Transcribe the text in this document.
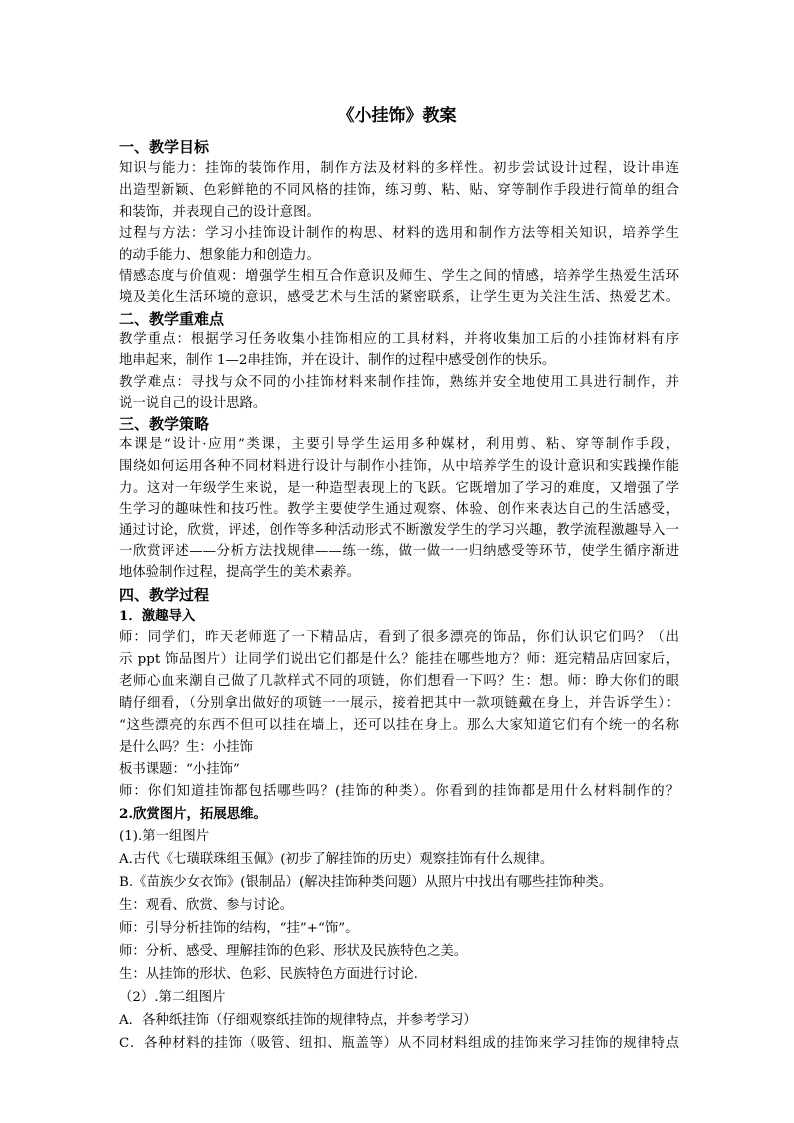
《小挂饰》教案
一、教学目标
知识与能力：挂饰的装饰作用，制作方法及材料的多样性。初步尝试设计过程，设计串连
出造型新颖、色彩鲜艳的不同风格的挂饰，练习剪、粘、贴、穿等制作手段进行简单的组合
和装饰，并表现自己的设计意图。
过程与方法：学习小挂饰设计制作的构思、材料的选用和制作方法等相关知识，培养学生
的动手能力、想象能力和创造力。
情感态度与价值观：增强学生相互合作意识及师生、学生之间的情感，培养学生热爱生活环
境及美化生活环境的意识，感受艺术与生活的紧密联系，让学生更为关注生活、热爱艺术。
二、教学重难点
教学重点：根据学习任务收集小挂饰相应的工具材料，并将收集加工后的小挂饰材料有序
地串起来，制作 1—2串挂饰，并在设计、制作的过程中感受创作的快乐。
教学难点：寻找与众不同的小挂饰材料来制作挂饰，熟练并安全地使用工具进行制作，并
说一说自己的设计思路。
三、教学策略
本课是“设计·应用”类课，主要引导学生运用多种媒材，利用剪、粘、穿等制作手段，
围绕如何运用各种不同材料进行设计与制作小挂饰，从中培养学生的设计意识和实践操作能
力。这对一年级学生来说，是一种造型表现上的飞跃。它既增加了学习的难度，又增强了学
生学习的趣味性和技巧性。教学主要使学生通过观察、体验、创作来表达自己的生活感受，
通过讨论，欣赏，评述，创作等多种活动形式不断激发学生的学习兴趣，教学流程激趣导入一
一欣赏评述——分析方法找规律——练一练，做一做一一归纳感受等环节，使学生循序渐进
地体验制作过程，提高学生的美术素养。
四、教学过程
1．激趣导入
师：同学们，昨天老师逛了一下精品店，看到了很多漂亮的饰品，你们认识它们吗？（出
示 ppt 饰品图片）让同学们说出它们都是什么？能挂在哪些地方？师：逛完精品店回家后，
老师心血来潮自己做了几款样式不同的项链，你们想看一下吗？生：想。师：睁大你们的眼
睛仔细看，（分别拿出做好的项链一一展示，接着把其中一款项链戴在身上，并告诉学生）：
“这些漂亮的东西不但可以挂在墙上，还可以挂在身上。那么大家知道它们有个统一的名称
是什么吗？生：小挂饰
板书课题：“小挂饰”
师：你们知道挂饰都包括哪些吗？(挂饰的种类）。你看到的挂饰都是用什么材料制作的？
2.欣赏图片，拓展思维。
(1).第一组图片
A.古代《七璜联珠组玉佩》(初步了解挂饰的历史）观察挂饰有什么规律。
B.《苗族少女衣饰》(银制品）(解决挂饰种类问题）从照片中找出有哪些挂饰种类。
生：观看、欣赏、参与讨论。
师：引导分析挂饰的结构，“挂”+“饰”。
师：分析、感受、理解挂饰的色彩、形状及民族特色之美。
生：从挂饰的形状、色彩、民族特色方面进行讨论.
（2）.第二组图片
A．各种纸挂饰（仔细观察纸挂饰的规律特点，并参考学习）
C．各种材料的挂饰（吸管、纽扣、瓶盖等）从不同材料组成的挂饰来学习挂饰的规律特点
